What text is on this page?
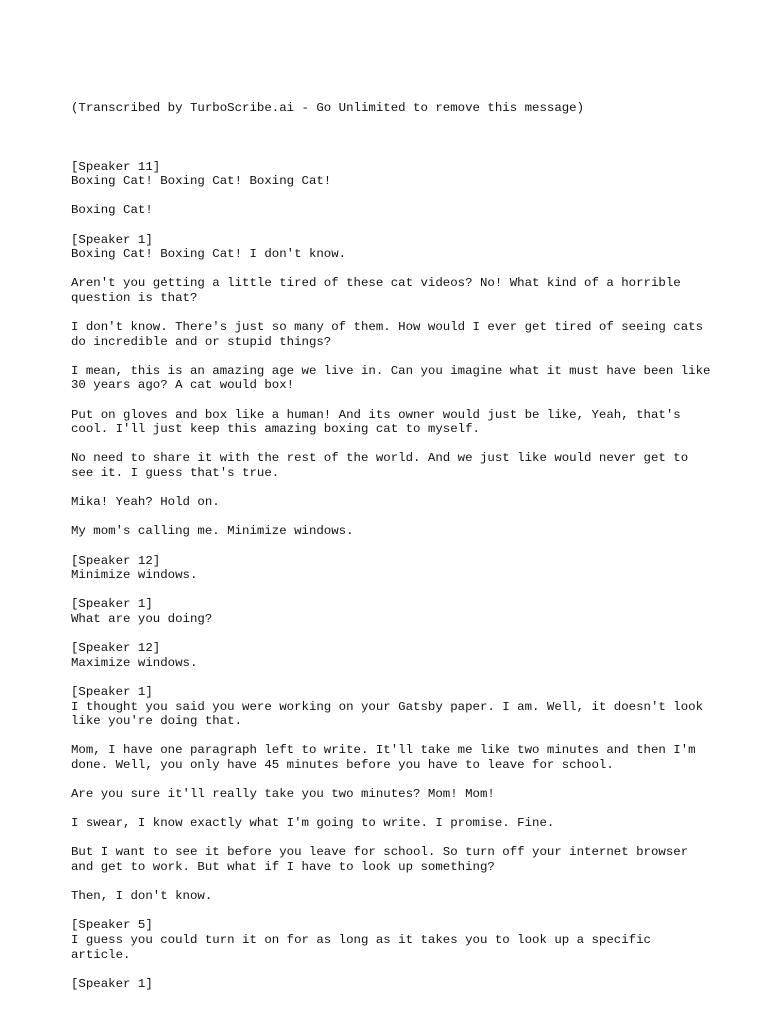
(Transcribed by TurboScribe.ai - Go Unlimited to remove this message)

[Speaker 11]
Boxing Cat! Boxing Cat! Boxing Cat!
Boxing Cat!
[Speaker 1]
Boxing Cat! Boxing Cat! I don't know.
Aren't you getting a little tired of these cat videos? No! What kind of a horrible question is that?
I don't know. There's just so many of them. How would I ever get tired of seeing cats do incredible and or stupid things?
I mean, this is an amazing age we live in. Can you imagine what it must have been like 30 years ago? A cat would box!
Put on gloves and box like a human! And its owner would just be like, Yeah, that's cool. I'll just keep this amazing boxing cat to myself.
No need to share it with the rest of the world. And we just like would never get to see it. I guess that's true.
Mika! Yeah? Hold on.
My mom's calling me. Minimize windows.
[Speaker 12]
Minimize windows.
[Speaker 1]
What are you doing?
[Speaker 12]
Maximize windows.
[Speaker 1]
I thought you said you were working on your Gatsby paper. I am. Well, it doesn't look like you're doing that.
Mom, I have one paragraph left to write. It'll take me like two minutes and then I'm done. Well, you only have 45 minutes before you have to leave for school.
Are you sure it'll really take you two minutes? Mom! Mom!
I swear, I know exactly what I'm going to write. I promise. Fine.
But I want to see it before you leave for school. So turn off your internet browser and get to work. But what if I have to look up something?
Then, I don't know.
[Speaker 5]
I guess you could turn it on for as long as it takes you to look up a specific article.
[Speaker 1]
